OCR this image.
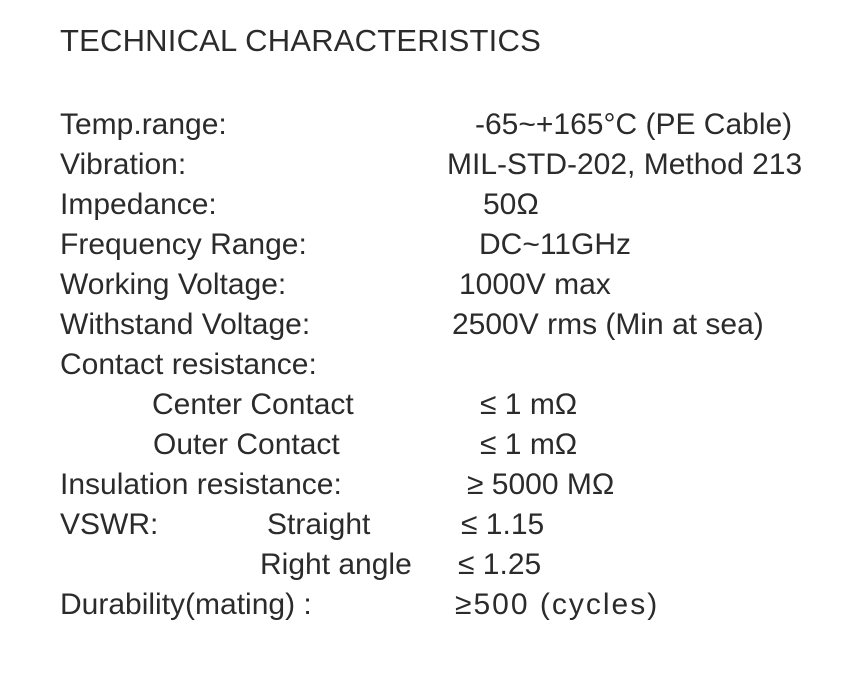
TECHNICAL CHARACTERISTICS
Temp.range:	-65~+165°C (PE Cable)
Vibration:	MIL-STD-202, Method 213
Impedance:	50Ω
Frequency Range:	DC~11GHz
Working Voltage:	1000V max
Withstand Voltage:	2500V rms (Min at sea)
Contact resistance:
Center Contact	≤ 1 mΩ
Outer Contact	≤ 1 mΩ
Insulation resistance:	≥ 5000 MΩ
VSWR:	Straight	≤ 1.15
Right angle ≤ 1.25
Durability(mating) :	≥500 (cycles)
